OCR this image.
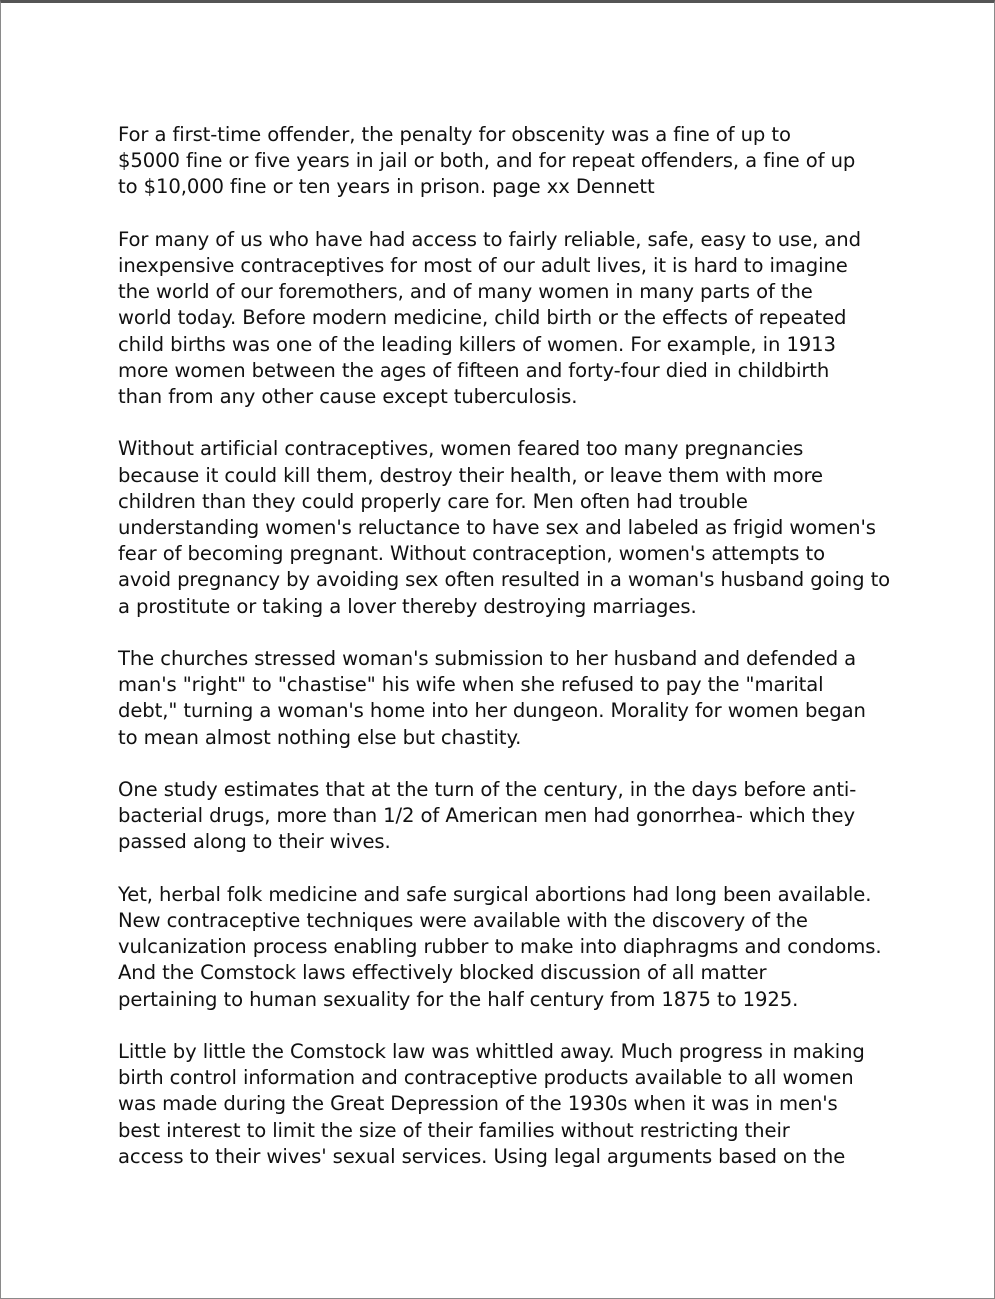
For a first-time offender, the penalty for obscenity was a fine of up to
$5000 fine or five years in jail or both, and for repeat offenders, a fine of up
to $10,000 fine or ten years in prison. page xx Dennett

For many of us who have had access to fairly reliable, safe, easy to use, and
inexpensive contraceptives for most of our adult lives, it is hard to imagine
the world of our foremothers, and of many women in many parts of the
world today. Before modern medicine, child birth or the effects of repeated
child births was one of the leading killers of women. For example, in 1913
more women between the ages of fifteen and forty-four died in childbirth
than from any other cause except tuberculosis.

Without artificial contraceptives, women feared too many pregnancies
because it could kill them, destroy their health, or leave them with more
children than they could properly care for. Men often had trouble
understanding women's reluctance to have sex and labeled as frigid women's
fear of becoming pregnant. Without contraception, women's attempts to
avoid pregnancy by avoiding sex often resulted in a woman's husband going to
a prostitute or taking a lover thereby destroying marriages.

The churches stressed woman's submission to her husband and defended a
man's "right" to "chastise" his wife when she refused to pay the "marital
debt," turning a woman's home into her dungeon. Morality for women began
to mean almost nothing else but chastity.

One study estimates that at the turn of the century, in the days before anti-
bacterial drugs, more than 1/2 of American men had gonorrhea- which they
passed along to their wives.

Yet, herbal folk medicine and safe surgical abortions had long been available.
New contraceptive techniques were available with the discovery of the
vulcanization process enabling rubber to make into diaphragms and condoms.
And the Comstock laws effectively blocked discussion of all matter
pertaining to human sexuality for the half century from 1875 to 1925.

Little by little the Comstock law was whittled away. Much progress in making
birth control information and contraceptive products available to all women
was made during the Great Depression of the 1930s when it was in men's
best interest to limit the size of their families without restricting their
access to their wives' sexual services. Using legal arguments based on the
